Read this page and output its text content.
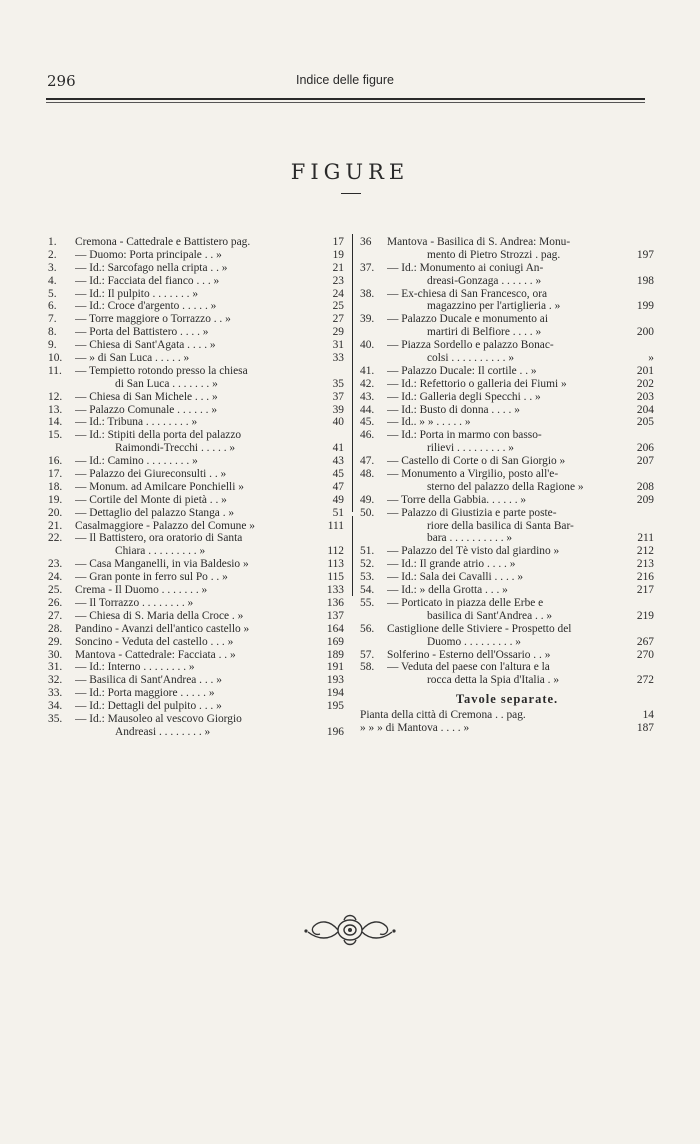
296	Indice delle figure
FIGURE
1.	Cremona - Cattedrale e Battistero pag.	17
2.	— Duomo: Porta principale . . »	19
3.	— Id.: Sarcofago nella cripta . . »	21
4.	— Id.: Facciata del fianco . . . »	23
5.	— Id.: Il pulpito . . . . . . . »	24
6.	— Id.: Croce d'argento . . . . . »	25
7.	— Torre maggiore o Torrazzo . . »	27
8.	— Porta del Battistero . . . . »	29
9.	— Chiesa di Sant'Agata . . . . »	31
10.	— » di San Luca . . . . . »	33
11.	— Tempietto rotondo presso la chiesa
di San Luca . . . . . . . »	35
12.	— Chiesa di San Michele . . . »	37
13.	— Palazzo Comunale . . . . . . »	39
14.	— Id.: Tribuna . . . . . . . . »	40
15.	— Id.: Stipiti della porta del palazzo
Raimondi-Trecchi . . . . . »	41
16.	— Id.: Camino . . . . . . . . »	43
17.	— Palazzo dei Giureconsulti . . »	45
18.	— Monum. ad Amilcare Ponchielli »	47
19.	— Cortile del Monte di pietà . . »	49
20.	— Dettaglio del palazzo Stanga . »	51
21.	Casalmaggiore - Palazzo del Comune »	111
22.	— Il Battistero, ora oratorio di Santa
Chiara . . . . . . . . . »	112
23.	— Casa Manganelli, in via Baldesio »	113
24.	— Gran ponte in ferro sul Po . . »	115
25.	Crema - Il Duomo . . . . . . . »	133
26.	— Il Torrazzo . . . . . . . . »	136
27.	— Chiesa di S. Maria della Croce . »	137
28.	Pandino - Avanzi dell'antico castello »	164
29.	Soncino - Veduta del castello . . . »	169
30.	Mantova - Cattedrale: Facciata . . »	189
31.	— Id.: Interno . . . . . . . . »	191
32.	— Basilica di Sant'Andrea . . . »	193
33.	— Id.: Porta maggiore . . . . . »	194
34.	— Id.: Dettagli del pulpito . . . »	195
35.	— Id.: Mausoleo al vescovo Giorgio
Andreasi . . . . . . . . »	196
36	Mantova - Basilica di S. Andrea: Monu-
mento di Pietro Strozzi . pag.	197
37.	— Id.: Monumento ai coniugi An-
dreasi-Gonzaga . . . . . . »	198
38.	— Ex-chiesa di San Francesco, ora
magazzino per l'artiglieria . »	199
39.	— Palazzo Ducale e monumento ai
martiri di Belfiore . . . . »	200
40.	— Piazza Sordello e palazzo Bonac-
colsi . . . . . . . . . . »	»
41.	— Palazzo Ducale: Il cortile . . »	201
42.	— Id.: Refettorio o galleria dei Fiumi »	202
43.	— Id.: Galleria degli Specchi . . »	203
44.	— Id.: Busto di donna . . . . »	204
45.	— Id.. » » . . . . . »	205
46.	— Id.: Porta in marmo con basso-
rilievi . . . . . . . . . »	206
47.	— Castello di Corte o di San Giorgio »	207
48.	— Monumento a Virgilio, posto all'e-
sterno del palazzo della Ragione »	208
49.	— Torre della Gabbia. . . . . . »	209
50.	— Palazzo di Giustizia e parte poste-
riore della basilica di Santa Bar-
bara . . . . . . . . . . »	211
51.	— Palazzo del Tè visto dal giardino »	212
52.	— Id.: Il grande atrio . . . . »	213
53.	— Id.: Sala dei Cavalli . . . . »	216
54.	— Id.: » della Grotta . . . »	217
55.	— Porticato in piazza delle Erbe e
basilica di Sant'Andrea . . »	219
56.	Castiglione delle Stiviere - Prospetto del
Duomo . . . . . . . . . »	267
57.	Solferino - Esterno dell'Ossario . . »	270
58.	— Veduta del paese con l'altura e la
rocca detta la Spia d'Italia . »	272
Tavole separate.
Pianta della città di Cremona . . pag.	14
» » » di Mantova . . . . »	187
